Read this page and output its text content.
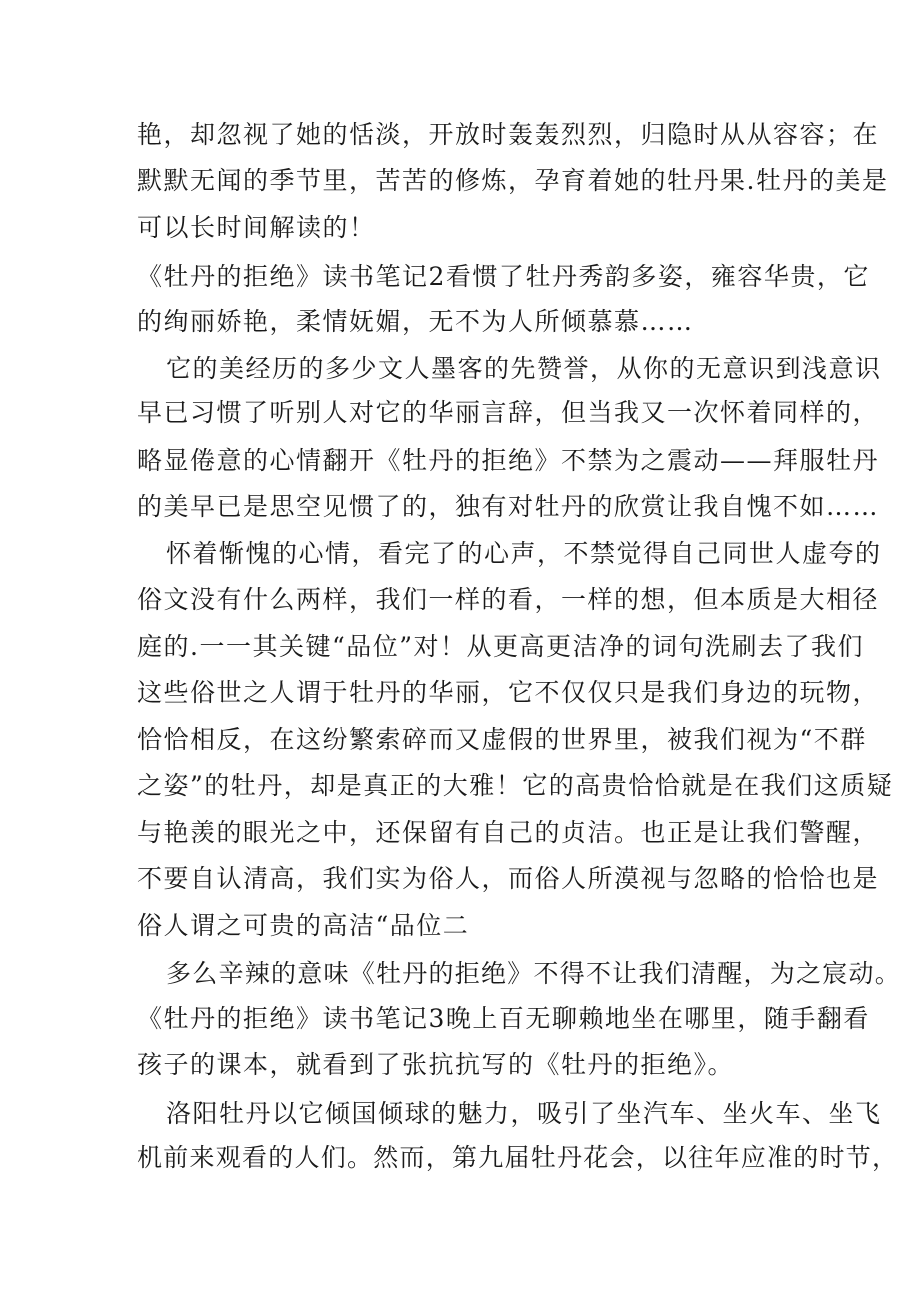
艳，却忽视了她的恬淡，开放时轰轰烈烈，归隐时从从容容；在
默默无闻的季节里，苦苦的修炼，孕育着她的牡丹果.牡丹的美是
可以长时间解读的！
《牡丹的拒绝》读书笔记2看惯了牡丹秀韵多姿，雍容华贵，它
的绚丽娇艳，柔情妩媚，无不为人所倾慕慕……
它的美经历的多少文人墨客的先赞誉，从你的无意识到浅意识
早已习惯了听别人对它的华丽言辞，但当我又一次怀着同样的，
略显倦意的心情翻开《牡丹的拒绝》不禁为之震动——拜服牡丹
的美早已是思空见惯了的，独有对牡丹的欣赏让我自愧不如……
怀着惭愧的心情，看完了的心声，不禁觉得自己同世人虚夸的
俗文没有什么两样，我们一样的看，一样的想，但本质是大相径
庭的.一一其关键“品位”对！从更高更洁净的词句洗刷去了我们
这些俗世之人谓于牡丹的华丽，它不仅仅只是我们身边的玩物，
恰恰相反，在这纷繁索碎而又虚假的世界里，被我们视为“不群
之姿”的牡丹，却是真正的大雅！它的高贵恰恰就是在我们这质疑
与艳羡的眼光之中，还保留有自己的贞洁。也正是让我们警醒，
不要自认清高，我们实为俗人，而俗人所漠视与忽略的恰恰也是
俗人谓之可贵的高洁“品位二
多么辛辣的意味《牡丹的拒绝》不得不让我们清醒，为之宸动。
《牡丹的拒绝》读书笔记3晚上百无聊赖地坐在哪里，随手翻看
孩子的课本，就看到了张抗抗写的《牡丹的拒绝》。
洛阳牡丹以它倾国倾球的魅力，吸引了坐汽车、坐火车、坐飞
机前来观看的人们。然而，第九届牡丹花会，以往年应准的时节，
